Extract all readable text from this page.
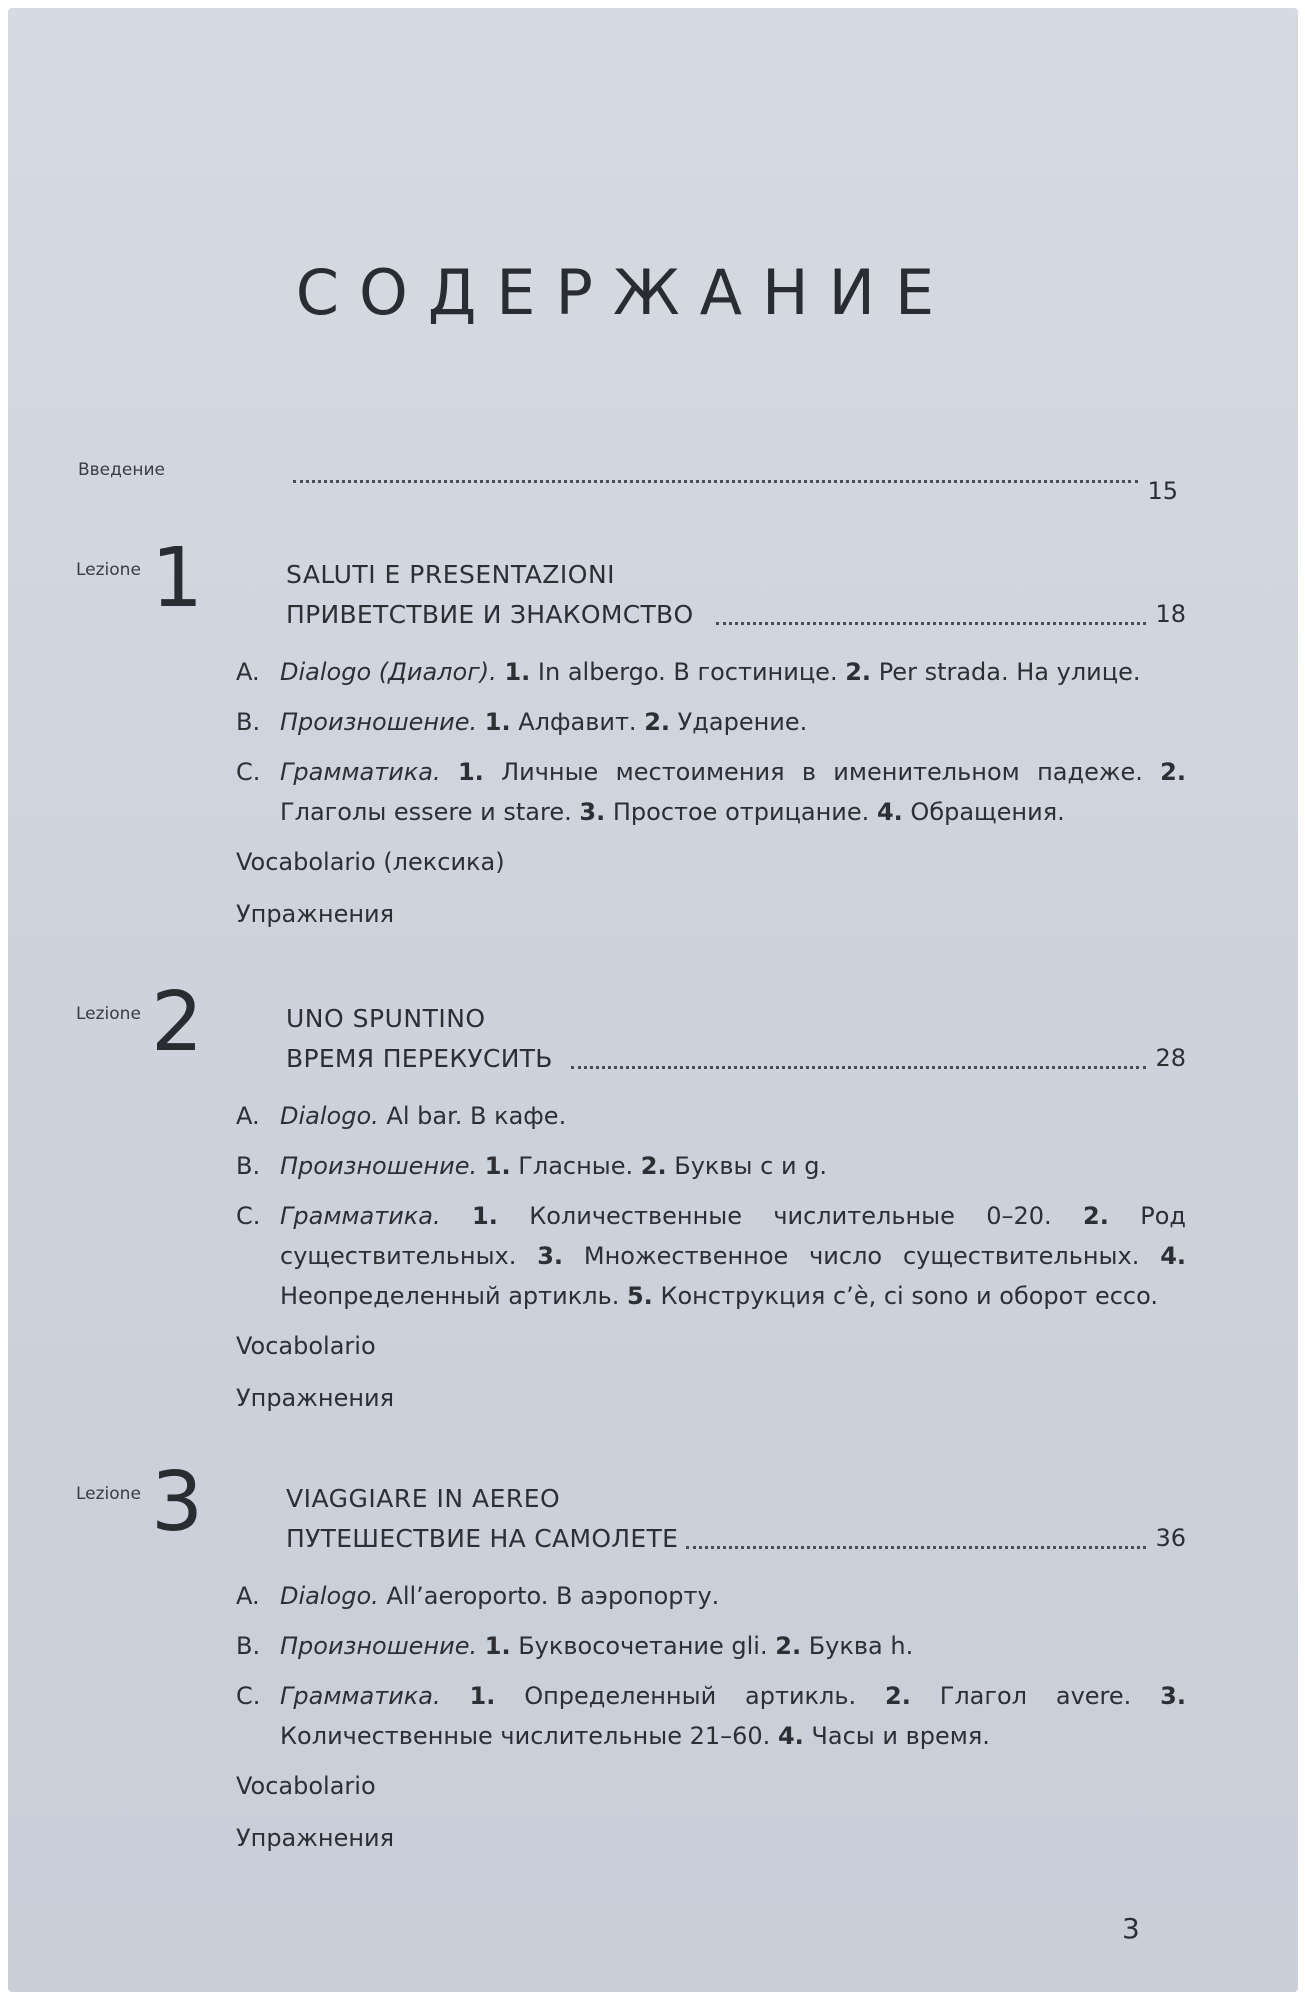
СОДЕРЖАНИЕ
Введение
15
Lezione 1	SALUTI E PRESENTAZIONI
ПРИВЕТСТВИЕ И ЗНАКОМСТВО	18
A. Dialogo (Диалог). 1. In albergo. В гостинице. 2. Per strada. На улице.
B. Произношение. 1. Алфавит. 2. Ударение.
C. Грамматика. 1. Личные местоимения в именительном падеже. 2. Глаголы essere и stare. 3. Простое отрицание. 4. Обращения.
Vocabolario (лексика)
Упражнения
Lezione 2	UNO SPUNTINO
ВРЕМЯ ПЕРЕКУСИТЬ	28
A. Dialogo. Al bar. В кафе.
B. Произношение. 1. Гласные. 2. Буквы c и g.
C. Грамматика. 1. Количественные числительные 0–20. 2. Род существительных. 3. Множественное число существительных. 4. Неопределенный артикль. 5. Конструкция c’è, ci sono и оборот ecco.
Vocabolario
Упражнения
Lezione 3	VIAGGIARE IN AEREO
ПУТЕШЕСТВИЕ НА САМОЛЕТЕ	36
A. Dialogo. All’aeroporto. В аэропорту.
B. Произношение. 1. Буквосочетание gli. 2. Буква h.
C. Грамматика. 1. Определенный артикль. 2. Глагол avere. 3. Количественные числительные 21–60. 4. Часы и время.
Vocabolario
Упражнения
3
